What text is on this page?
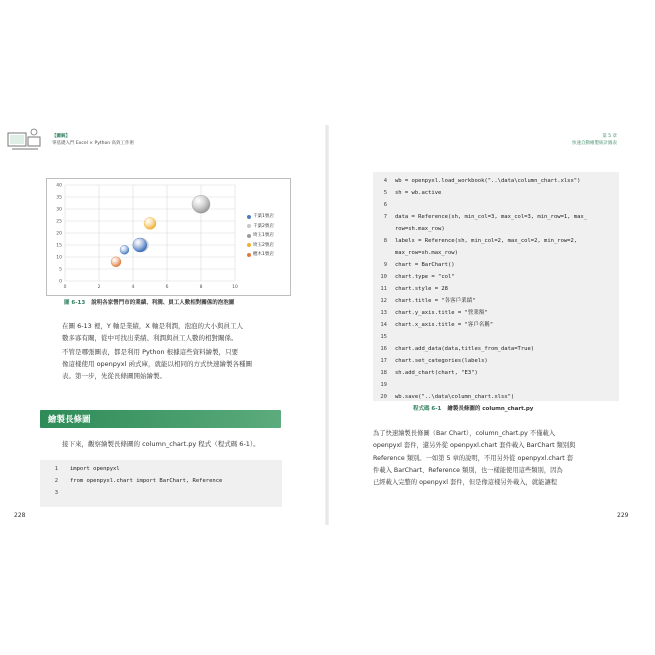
【圖解】
零基礎入門 Excel × Python 高效工作術
第 5 章
快速自動繪製統計圖表
0
5
10
15
20
25
30
35
40
0	2	4	6	8	10
千葉1號店
千葉2號店
埼玉1號店
埼玉2號店
櫪木1號店
圖 6-13 說明各家營門市的業績、利潤、員工人數相對關係的泡泡圖
在圖 6-13 裡，Y 軸是業績，X 軸是利潤，泡泡的大小與員工人
數多寡有關，從中可找出業績、利潤與員工人數的相對關係。
不管是哪張圖表，都是利用 Python 根據這些資料繪製，只要
像這樣使用 openpyxl 函式庫，就能以相同的方式快速繪製各種圖
表。第一步，先從長條圖開始繪製。
繪製長條圖
接下來，觀察繪製長條圖的 column_chart.py 程式（程式碼 6-1）。
1 import openpyxl
2 from openpyxl.chart import BarChart, Reference
3
228
4 wb = openpyxl.load_workbook("..\data\column_chart.xlsx")
5 sh = wb.active
6
7 data = Reference(sh, min_col=3, max_col=3, min_row=1, max_
row=sh.max_row)
8 labels = Reference(sh, min_col=2, max_col=2, min_row=2,
max_row=sh.max_row)
9 chart = BarChart()
10 chart.type = "col"
11 chart.style = 28
12 chart.title = "各客戶業績"
13 chart.y_axis.title = "營業額"
14 chart.x_axis.title = "客戶名稱"
15
16 chart.add_data(data,titles_from_data=True)
17 chart.set_categories(labels)
18 sh.add_chart(chart, "E3")
19
20 wb.save("..\data\column_chart.xlsx")
程式碼 6-1 繪製長條圖的 column_chart.py
為了快速繪製長條圖（Bar Chart），column_chart.py 不僅載入
openpyxl 套件，還另外從 openpyxl.chart 套件載入 BarChart 類別與
Reference 類別。一如第 5 章的說明，不用另外從 openpyxl.chart 套
件載入 BarChart、Reference 類別，也一樣能使用這些類別，因為
已經載入完整的 openpyxl 套件，但是像這樣另外載入，就能讓程
229
